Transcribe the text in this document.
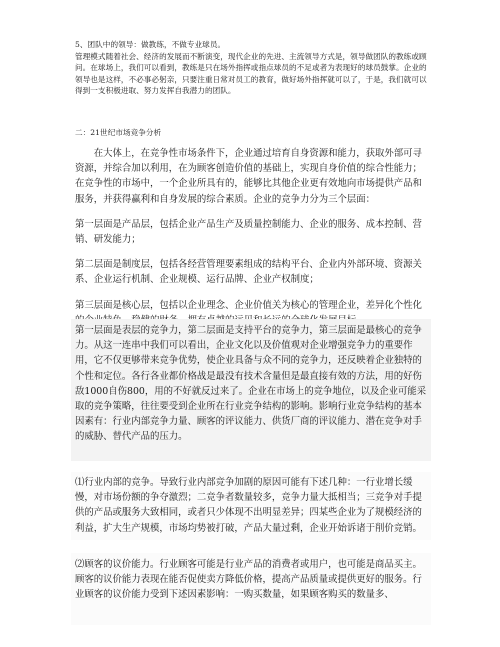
5、团队中的领导：做教练，不做专业球员。

管理模式随着社会、经济的发展而不断演变，现代企业的先进、主流领导方式是，领导做团队的教练或顾问。在球场上，我们可以看到，教练是只在场外指挥或指点球员的不足或者为表现好的球员鼓掌。企业的领导也是这样，不必事必躬亲，只要注重日常对员工的教育，做好场外指挥就可以了，于是，我们就可以得到一支积极进取、努力发挥自我潜力的团队。

二：21世纪市场竞争分析

在大体上，在竞争性市场条件下，企业通过培育自身资源和能力，获取外部可寻资源，并综合加以利用，在为顾客创造价值的基础上，实现自身价值的综合性能力；在竞争性的市场中，一个企业所具有的，能够比其他企业更有效地向市场提供产品和服务，并获得赢利和自身发展的综合素质。企业的竞争力分为三个层面：

第一层面是产品层，包括企业产品生产及质量控制能力、企业的服务、成本控制、营销、研发能力；

第二层面是制度层，包括各经营管理要素组成的结构平台、企业内外部环境、资源关系、企业运行机制、企业规模、运行品牌、企业产权制度；

第三层面是核心层，包括以企业理念、企业价值关为核心的管理企业，差异化个性化

第一层面是表层的竞争力，第二层面是支持平台的竞争力，第三层面是最核心的竞争力。从这一连串中我们可以看出，企业文化以及价值观对企业增强竞争力的重要作用，它不仅更够带来竞争优势，使企业具备与众不同的竞争力，还反映着企业独特的个性和定位。各行各业都价格战是最没有技术含量但是最直接有效的方法，用的好伤敌1000自伤800，用的不好就反过来了。企业在市场上的竞争地位，以及企业可能采取的竞争策略，往往要受到企业所在行业竞争结构的影响。影响行业竞争结构的基本因素有：行业内部竞争力量、顾客的评议能力、供货厂商的评议能力、潜在竞争对手的威胁、替代产品的压力。

⑴行业内部的竞争。导致行业内部竞争加剧的原因可能有下述几种：一行业增长缓慢，对市场份额的争夺激烈；二竞争者数量较多，竞争力量大抵相当；三竞争对手提供的产品或服务大致相同，或者只少体现不出明显差异；四某些企业为了规模经济的利益，扩大生产规模，市场均势被打破，产品大量过剩，企业开始诉诸于削价竞销。

⑵顾客的议价能力。行业顾客可能是行业产品的消费者或用户，也可能是商品买主。顾客的议价能力表现在能否促使卖方降低价格，提高产品质量或提供更好的服务。行业顾客的议价能力受到下述因素影响：一购买数量，如果顾客购买的数量多、
